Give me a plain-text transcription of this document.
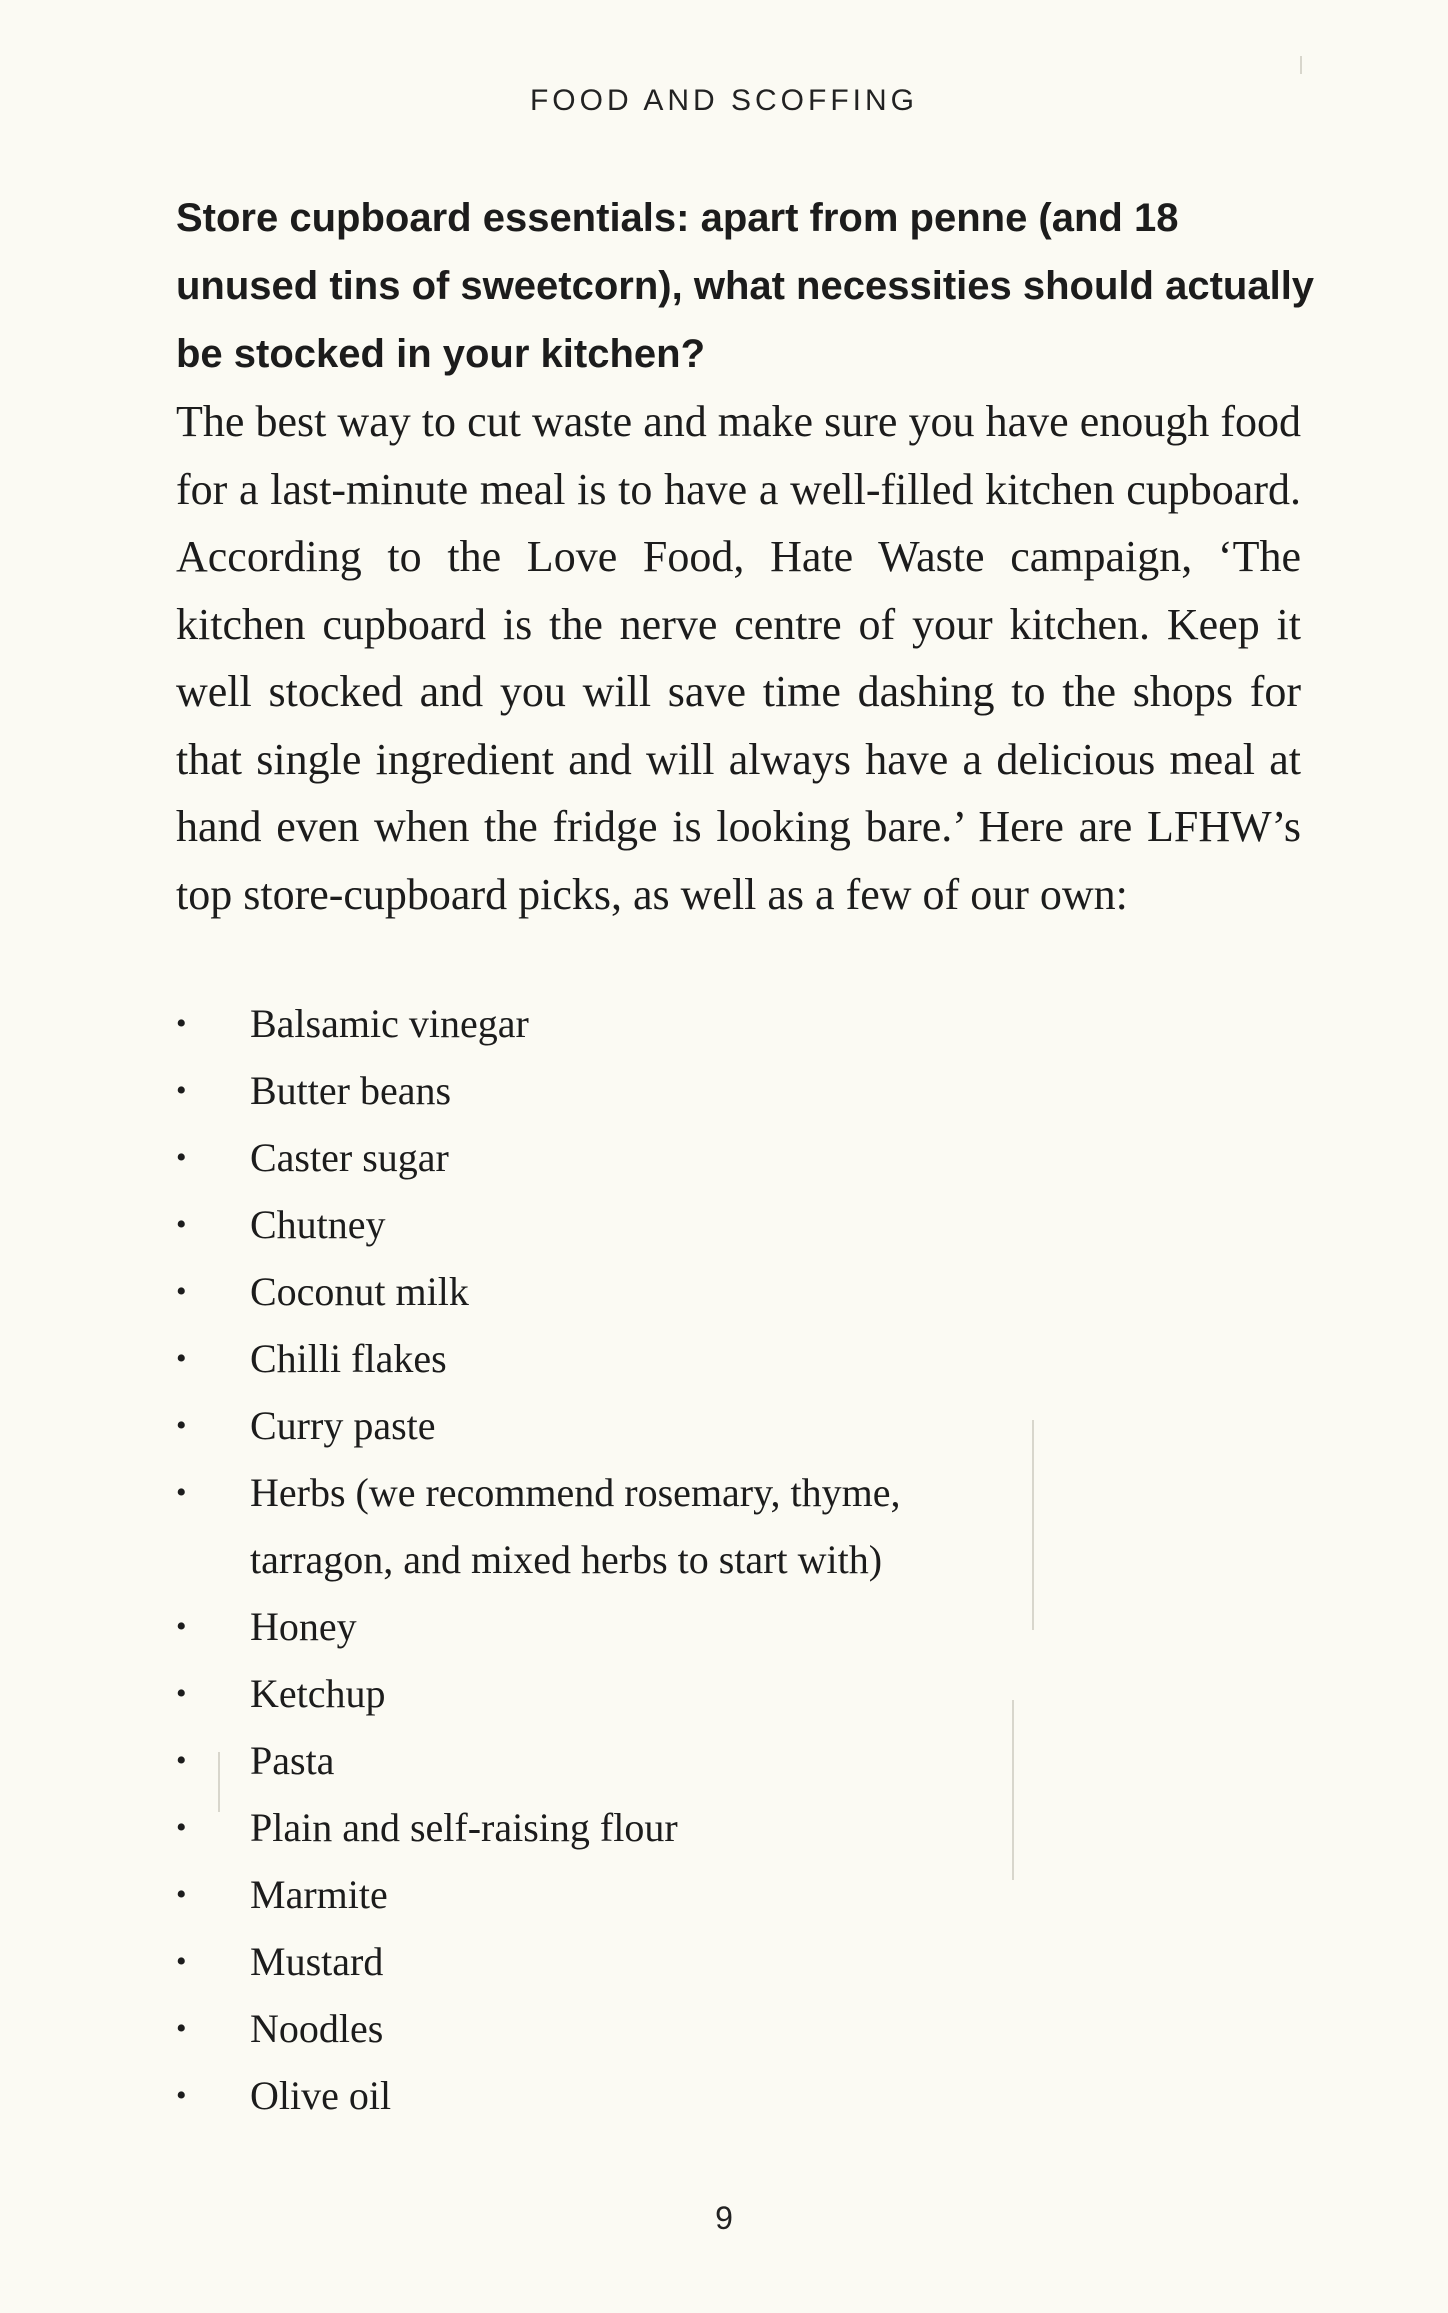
FOOD AND SCOFFING
Store cupboard essentials: apart from penne (and 18 unused tins of sweetcorn), what necessities should actually be stocked in your kitchen?

The best way to cut waste and make sure you have enough food for a last-minute meal is to have a well-filled kitchen cupboard. According to the Love Food, Hate Waste campaign, ‘The kitchen cupboard is the nerve centre of your kitchen. Keep it well stocked and you will save time dashing to the shops for that single ingredient and will always have a delicious meal at hand even when the fridge is looking bare.’ Here are LFHW’s top store-cupboard picks, as well as a few of our own:

• Balsamic vinegar
• Butter beans
• Caster sugar
• Chutney
• Coconut milk
• Chilli flakes
• Curry paste
• Herbs (we recommend rosemary, thyme, tarragon, and mixed herbs to start with)
• Honey
• Ketchup
• Pasta
• Plain and self-raising flour
• Marmite
• Mustard
• Noodles
• Olive oil
9
